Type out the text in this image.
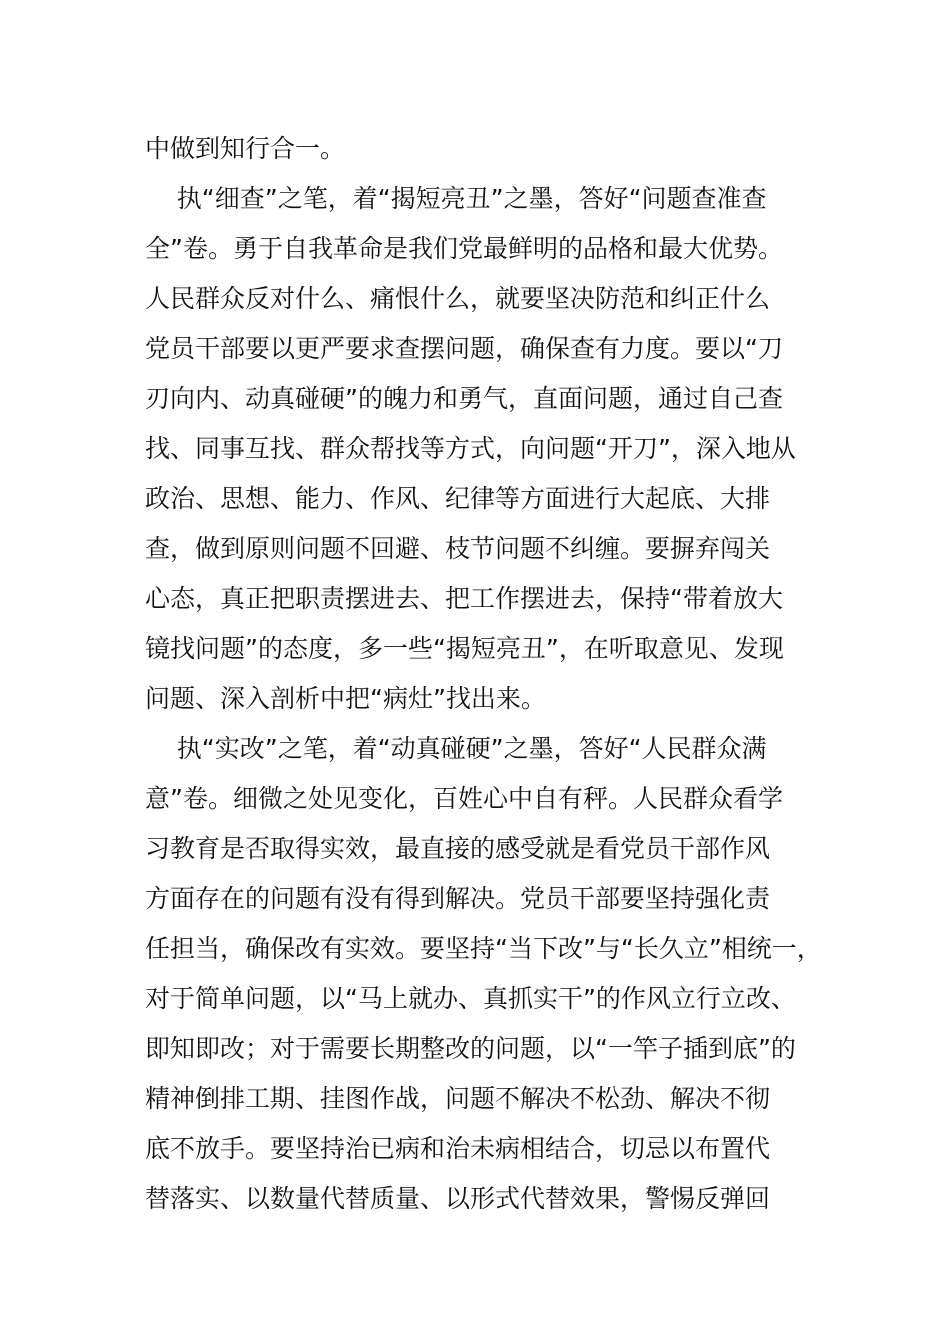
中做到知行合一。
执“细查”之笔，着“揭短亮丑”之墨，答好“问题查准查
全”卷。勇于自我革命是我们党最鲜明的品格和最大优势。
人民群众反对什么、痛恨什么，就要坚决防范和纠正什么
党员干部要以更严要求查摆问题，确保查有力度。要以“刀
刃向内、动真碰硬”的魄力和勇气，直面问题，通过自己查
找、同事互找、群众帮找等方式，向问题“开刀”，深入地从
政治、思想、能力、作风、纪律等方面进行大起底、大排
查，做到原则问题不回避、枝节问题不纠缠。要摒弃闯关
心态，真正把职责摆进去、把工作摆进去，保持“带着放大
镜找问题”的态度，多一些“揭短亮丑”，在听取意见、发现
问题、深入剖析中把“病灶”找出来。
执“实改”之笔，着“动真碰硬”之墨，答好“人民群众满
意”卷。细微之处见变化，百姓心中自有秤。人民群众看学
习教育是否取得实效，最直接的感受就是看党员干部作风
方面存在的问题有没有得到解决。党员干部要坚持强化责
任担当，确保改有实效。要坚持“当下改”与“长久立”相统一，
对于简单问题，以“马上就办、真抓实干”的作风立行立改、
即知即改；对于需要长期整改的问题，以“一竿子插到底”的
精神倒排工期、挂图作战，问题不解决不松劲、解决不彻
底不放手。要坚持治已病和治未病相结合，切忌以布置代
替落实、以数量代替质量、以形式代替效果，警惕反弹回
